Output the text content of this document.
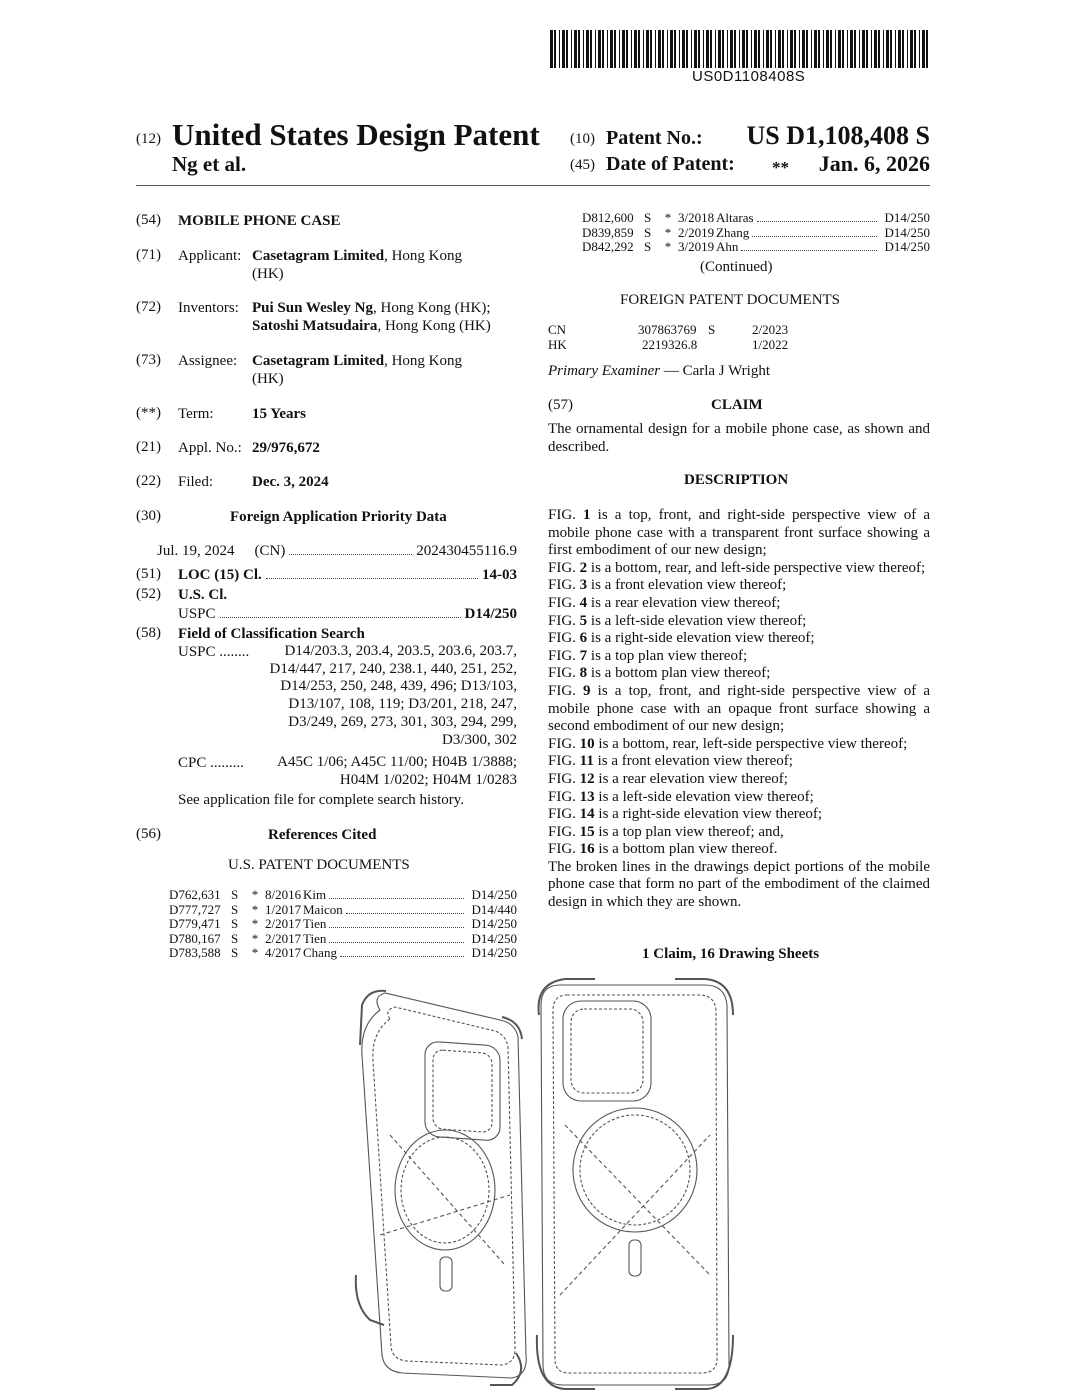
US0D1108408S
(12) United States Design Patent
Ng et al.
(10) Patent No.: US D1,108,408 S
(45) Date of Patent: ** Jan. 6, 2026
(54) MOBILE PHONE CASE
(71) Applicant: Casetagram Limited, Hong Kong
(HK)
(72) Inventors: Pui Sun Wesley Ng, Hong Kong (HK);
Satoshi Matsudaira, Hong Kong (HK)
(73) Assignee: Casetagram Limited, Hong Kong
(HK)
(**) Term:	15 Years
(21) Appl. No.: 29/976,672
(22) Filed:	Dec. 3, 2024
(30)	Foreign Application Priority Data
Jul. 19, 2024 (CN)	202430455116.9
(51) LOC (15) Cl.	14-03
(52) U.S. Cl.
USPC	D14/250
(58) Field of Classification Search
USPC ........	D14/203.3, 203.4, 203.5, 203.6, 203.7,
D14/447, 217, 240, 238.1, 440, 251, 252,
D14/253, 250, 248, 439, 496; D13/103,
D13/107, 108, 119; D3/201, 218, 247,
D3/249, 269, 273, 301, 303, 294, 299,
D3/300, 302
CPC ......... A45C 1/06; A45C 11/00; H04B 1/3888;
H04M 1/0202; H04M 1/0283
See application file for complete search history.
(56)	References Cited
U.S. PATENT DOCUMENTS
D762,631 S	* 8/2016 Kim	D14/250
D777,727 S	* 1/2017 Maicon	D14/440
D779,471 S	* 2/2017 Tien	D14/250
D780,167 S	* 2/2017 Tien	D14/250
D783,588 S	* 4/2017 Chang	D14/250
D812,600 S	* 3/2018 Altaras	D14/250
D839,859 S	* 2/2019 Zhang	D14/250
D842,292 S	* 3/2019 Ahn	D14/250
(Continued)
FOREIGN PATENT DOCUMENTS
CN	307863769 S	2/2023
HK	2219326.8	1/2022
Primary Examiner — Carla J Wright
(57)	CLAIM
The ornamental design for a mobile phone case, as shown and described.
DESCRIPTION

FIG. 1 is a top, front, and right-side perspective view of a mobile phone case with a transparent front surface showing a first embodiment of our new design;

FIG. 2 is a bottom, rear, and left-side perspective view thereof;

FIG. 3 is a front elevation view thereof;

FIG. 4 is a rear elevation view thereof;

FIG. 5 is a left-side elevation view thereof;

FIG. 6 is a right-side elevation view thereof;

FIG. 7 is a top plan view thereof;

FIG. 8 is a bottom plan view thereof;

FIG. 9 is a top, front, and right-side perspective view of a mobile phone case with an opaque front surface showing a second embodiment of our new design;

FIG. 10 is a bottom, rear, left-side perspective view thereof;

FIG. 11 is a front elevation view thereof;

FIG. 12 is a rear elevation view thereof;

FIG. 13 is a left-side elevation view thereof;

FIG. 14 is a right-side elevation view thereof;

FIG. 15 is a top plan view thereof; and,

FIG. 16 is a bottom plan view thereof.

The broken lines in the drawings depict portions of the mobile phone case that form no part of the embodiment of the claimed design in which they are shown.

1 Claim, 16 Drawing Sheets
